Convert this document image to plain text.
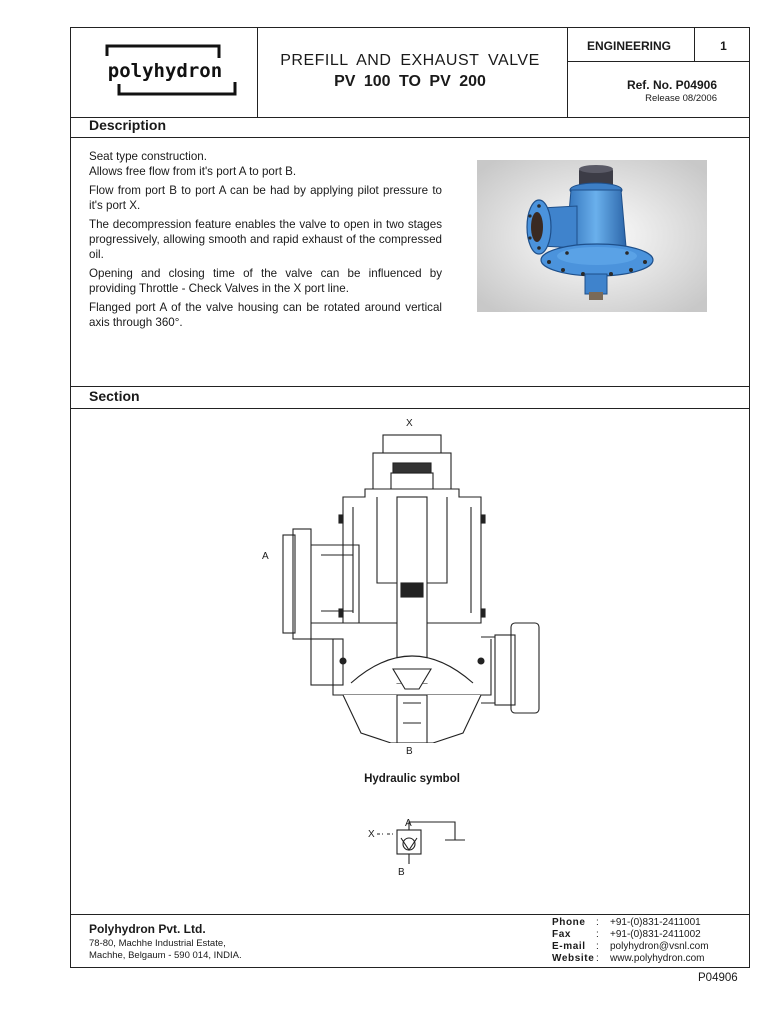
polyhydron	PREFILL AND EXHAUST VALVE
PV 100 TO PV 200
ENGINEERING	1
Ref. No. P04906
Release 08/2006
Description

Seat type construction.

Allows free flow from it's port A to port B.

Flow from port B to port A can be had by applying pilot pressure to it's port X.

The decompression feature enables the valve to open in two stages progressively, allowing smooth and rapid exhaust of the compressed oil.

Opening and closing time of the valve can be influenced by providing Throttle - Check Valves in the X port line.

Flanged port A of the valve housing can be rotated around vertical axis through 360°.

Section
X
A
B
Hydraulic symbol
A
X
B
Polyhydron Pvt. Ltd.
78-80, Machhe Industrial Estate,
Machhe, Belgaum - 590 014, INDIA.
Phone : +91-(0)831-2411001
Fax : +91-(0)831-2411002
E-mail : polyhydron@vsnl.com
Website : www.polyhydron.com
P04906
